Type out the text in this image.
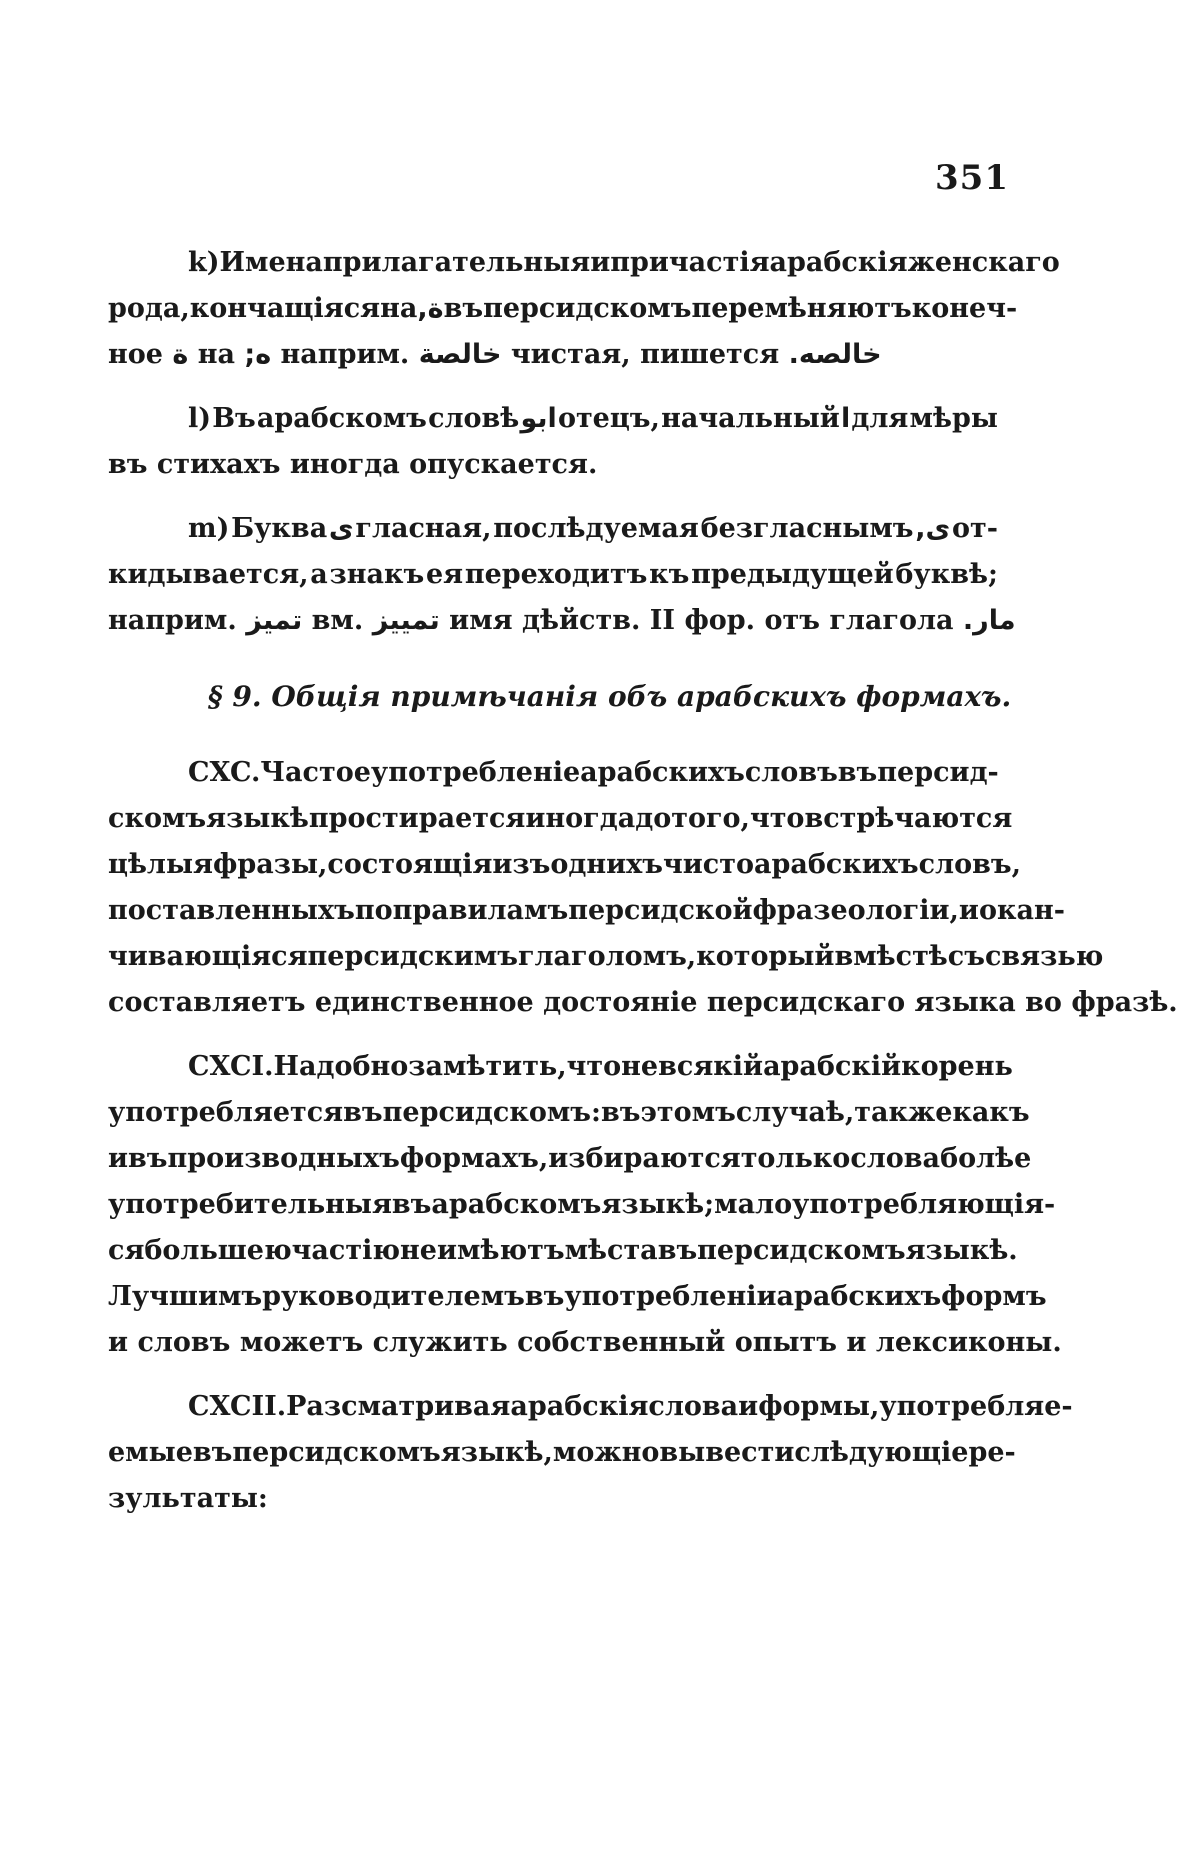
351
k) Имена прилагательныя и причастія арабскія женскаго
рода, кончащіяся на ة, въ персидскомъ перемѣняютъ конеч-
ное
ة
на
ه;
наприм.
خالصة
чистая,
пишется
خالصه.
l) Въ арабскомъ словѣ ابو отецъ, начальный ا для мѣры
въ
стихахъ
иногда
опускается.
m) Буква ى гласная, послѣдуемая безгласнымъ ى, от-
кидывается, а знакъ ея переходитъ къ предыдущей буквѣ;
наприм.
تميز
вм.
تمييز
имя
дѣйств.
II
фор.
отъ
глагола
مار.
§ 9. Общія примѣчанія объ арабскихъ формахъ.
CXC. Частое употребленіе арабскихъ словъ въ персид-
скомъ языкѣ простирается иногда до того, что встрѣчаются
цѣлыя фразы, состоящія изъ однихъ чисто арабскихъ словъ,
поставленныхъ по правиламъ персидской фразеологіи, и окан-
чивающіяся персидскимъ глаголомъ, который вмѣстѣ съ связью
составляетъ
единственное
достояніе
персидскаго
языка
во
фразѣ.
CXCI. Надобно замѣтить, что не всякій арабскій корень
употребляется въ персидскомъ: въ этомъ случаѣ, также какъ
и въ производныхъ формахъ, избираются только слова болѣе
употребительныя въ арабскомъ языкѣ; мало употребляющія-
ся большею частію не имѣютъ мѣста въ персидскомъ языкѣ.
Лучшимъ руководителемъ въ употребленіи арабскихъ формъ
и
словъ
можетъ
служить
собственный
опытъ
и
лексиконы.
CXCII. Разсматривая арабскія слова и формы, употребляе-
емые въ персидскомъ языкѣ, можно вывести слѣдующіе ре-
зультаты:
